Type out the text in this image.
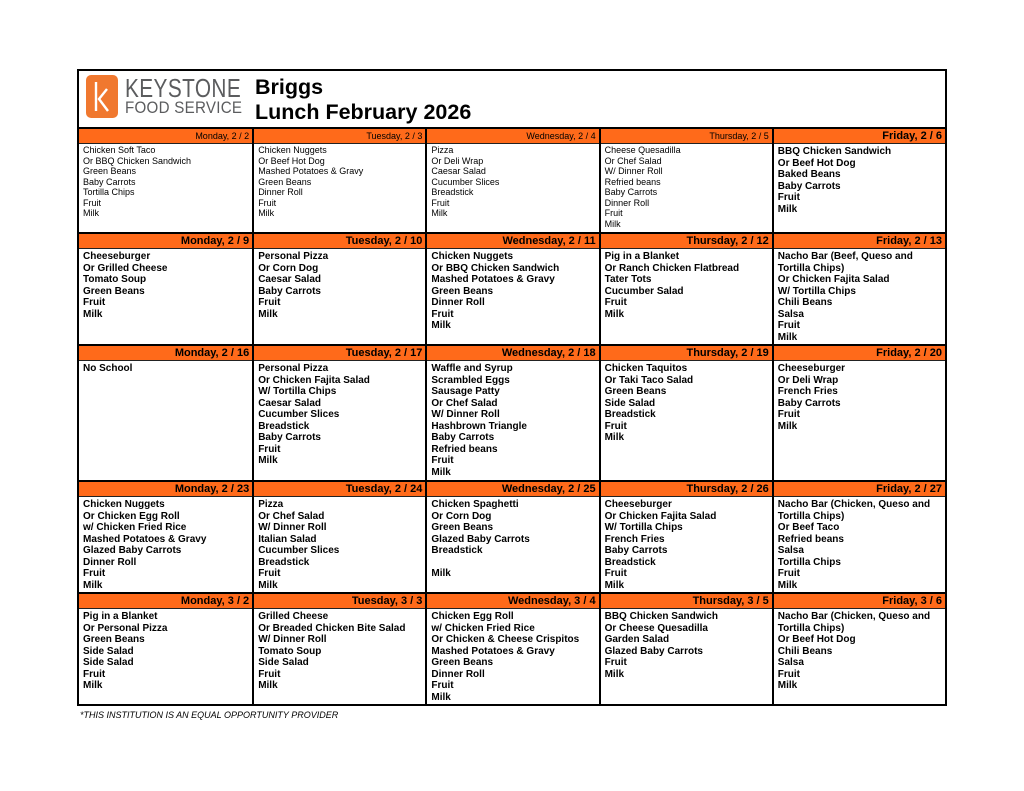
KEYSTONE
FOOD SERVICE
Briggs
Lunch February 2026
Monday, 2 / 2
Chicken Soft Taco
Or BBQ Chicken Sandwich
Green Beans
Baby Carrots
Tortilla Chips
Fruit
Milk
Tuesday, 2 / 3
Chicken Nuggets
Or Beef Hot Dog
Mashed Potatoes & Gravy
Green Beans
Dinner Roll
Fruit
Milk
Wednesday, 2 / 4
Pizza
Or Deli Wrap
Caesar Salad
Cucumber Slices
Breadstick
Fruit
Milk
Thursday, 2 / 5
Cheese Quesadilla
Or Chef Salad
W/ Dinner Roll
Refried beans
Baby Carrots
Dinner Roll
Fruit
Milk
Friday, 2 / 6
BBQ Chicken Sandwich
Or Beef Hot Dog
Baked Beans
Baby Carrots
Fruit
Milk
Monday, 2 / 9
Cheeseburger
Or Grilled Cheese
Tomato Soup
Green Beans
Fruit
Milk
Tuesday, 2 / 10
Personal Pizza
Or Corn Dog
Caesar Salad
Baby Carrots
Fruit
Milk
Wednesday, 2 / 11
Chicken Nuggets
Or BBQ Chicken Sandwich
Mashed Potatoes & Gravy
Green Beans
Dinner Roll
Fruit
Milk
Thursday, 2 / 12
Pig in a Blanket
Or Ranch Chicken Flatbread
Tater Tots
Cucumber Salad
Fruit
Milk
Friday, 2 / 13
Nacho Bar (Beef, Queso and
Tortilla Chips)
Or Chicken Fajita Salad
W/ Tortilla Chips
Chili Beans
Salsa
Fruit
Milk
Monday, 2 / 16
No School
Tuesday, 2 / 17
Personal Pizza
Or Chicken Fajita Salad
W/ Tortilla Chips
Caesar Salad
Cucumber Slices
Breadstick
Baby Carrots
Fruit
Milk
Wednesday, 2 / 18
Waffle and Syrup
Scrambled Eggs
Sausage Patty
Or Chef Salad
W/ Dinner Roll
Hashbrown Triangle
Baby Carrots
Refried beans
Fruit
Milk
Thursday, 2 / 19
Chicken Taquitos
Or Taki Taco Salad
Green Beans
Side Salad
Breadstick
Fruit
Milk
Friday, 2 / 20
Cheeseburger
Or Deli Wrap
French Fries
Baby Carrots
Fruit
Milk
Monday, 2 / 23
Chicken Nuggets
Or Chicken Egg Roll
w/ Chicken Fried Rice
Mashed Potatoes & Gravy
Glazed Baby Carrots
Dinner Roll
Fruit
Milk
Tuesday, 2 / 24
Pizza
Or Chef Salad
W/ Dinner Roll
Italian Salad
Cucumber Slices
Breadstick
Fruit
Milk
Wednesday, 2 / 25
Chicken Spaghetti
Or Corn Dog
Green Beans
Glazed Baby Carrots
Breadstick
Milk
Thursday, 2 / 26
Cheeseburger
Or Chicken Fajita Salad
W/ Tortilla Chips
French Fries
Baby Carrots
Breadstick
Fruit
Milk
Friday, 2 / 27
Nacho Bar (Chicken, Queso and
Tortilla Chips)
Or Beef Taco
Refried beans
Salsa
Tortilla Chips
Fruit
Milk
Monday, 3 / 2
Pig in a Blanket
Or Personal Pizza
Green Beans
Side Salad
Side Salad
Fruit
Milk
Tuesday, 3 / 3
Grilled Cheese
Or Breaded Chicken Bite Salad
W/ Dinner Roll
Tomato Soup
Side Salad
Fruit
Milk
Wednesday, 3 / 4
Chicken Egg Roll
w/ Chicken Fried Rice
Or Chicken & Cheese Crispitos
Mashed Potatoes & Gravy
Green Beans
Dinner Roll
Fruit
Milk
Thursday, 3 / 5
BBQ Chicken Sandwich
Or Cheese Quesadilla
Garden Salad
Glazed Baby Carrots
Fruit
Milk
Friday, 3 / 6
Nacho Bar (Chicken, Queso and
Tortilla Chips)
Or Beef Hot Dog
Chili Beans
Salsa
Fruit
Milk
*THIS INSTITUTION IS AN EQUAL OPPORTUNITY PROVIDER
